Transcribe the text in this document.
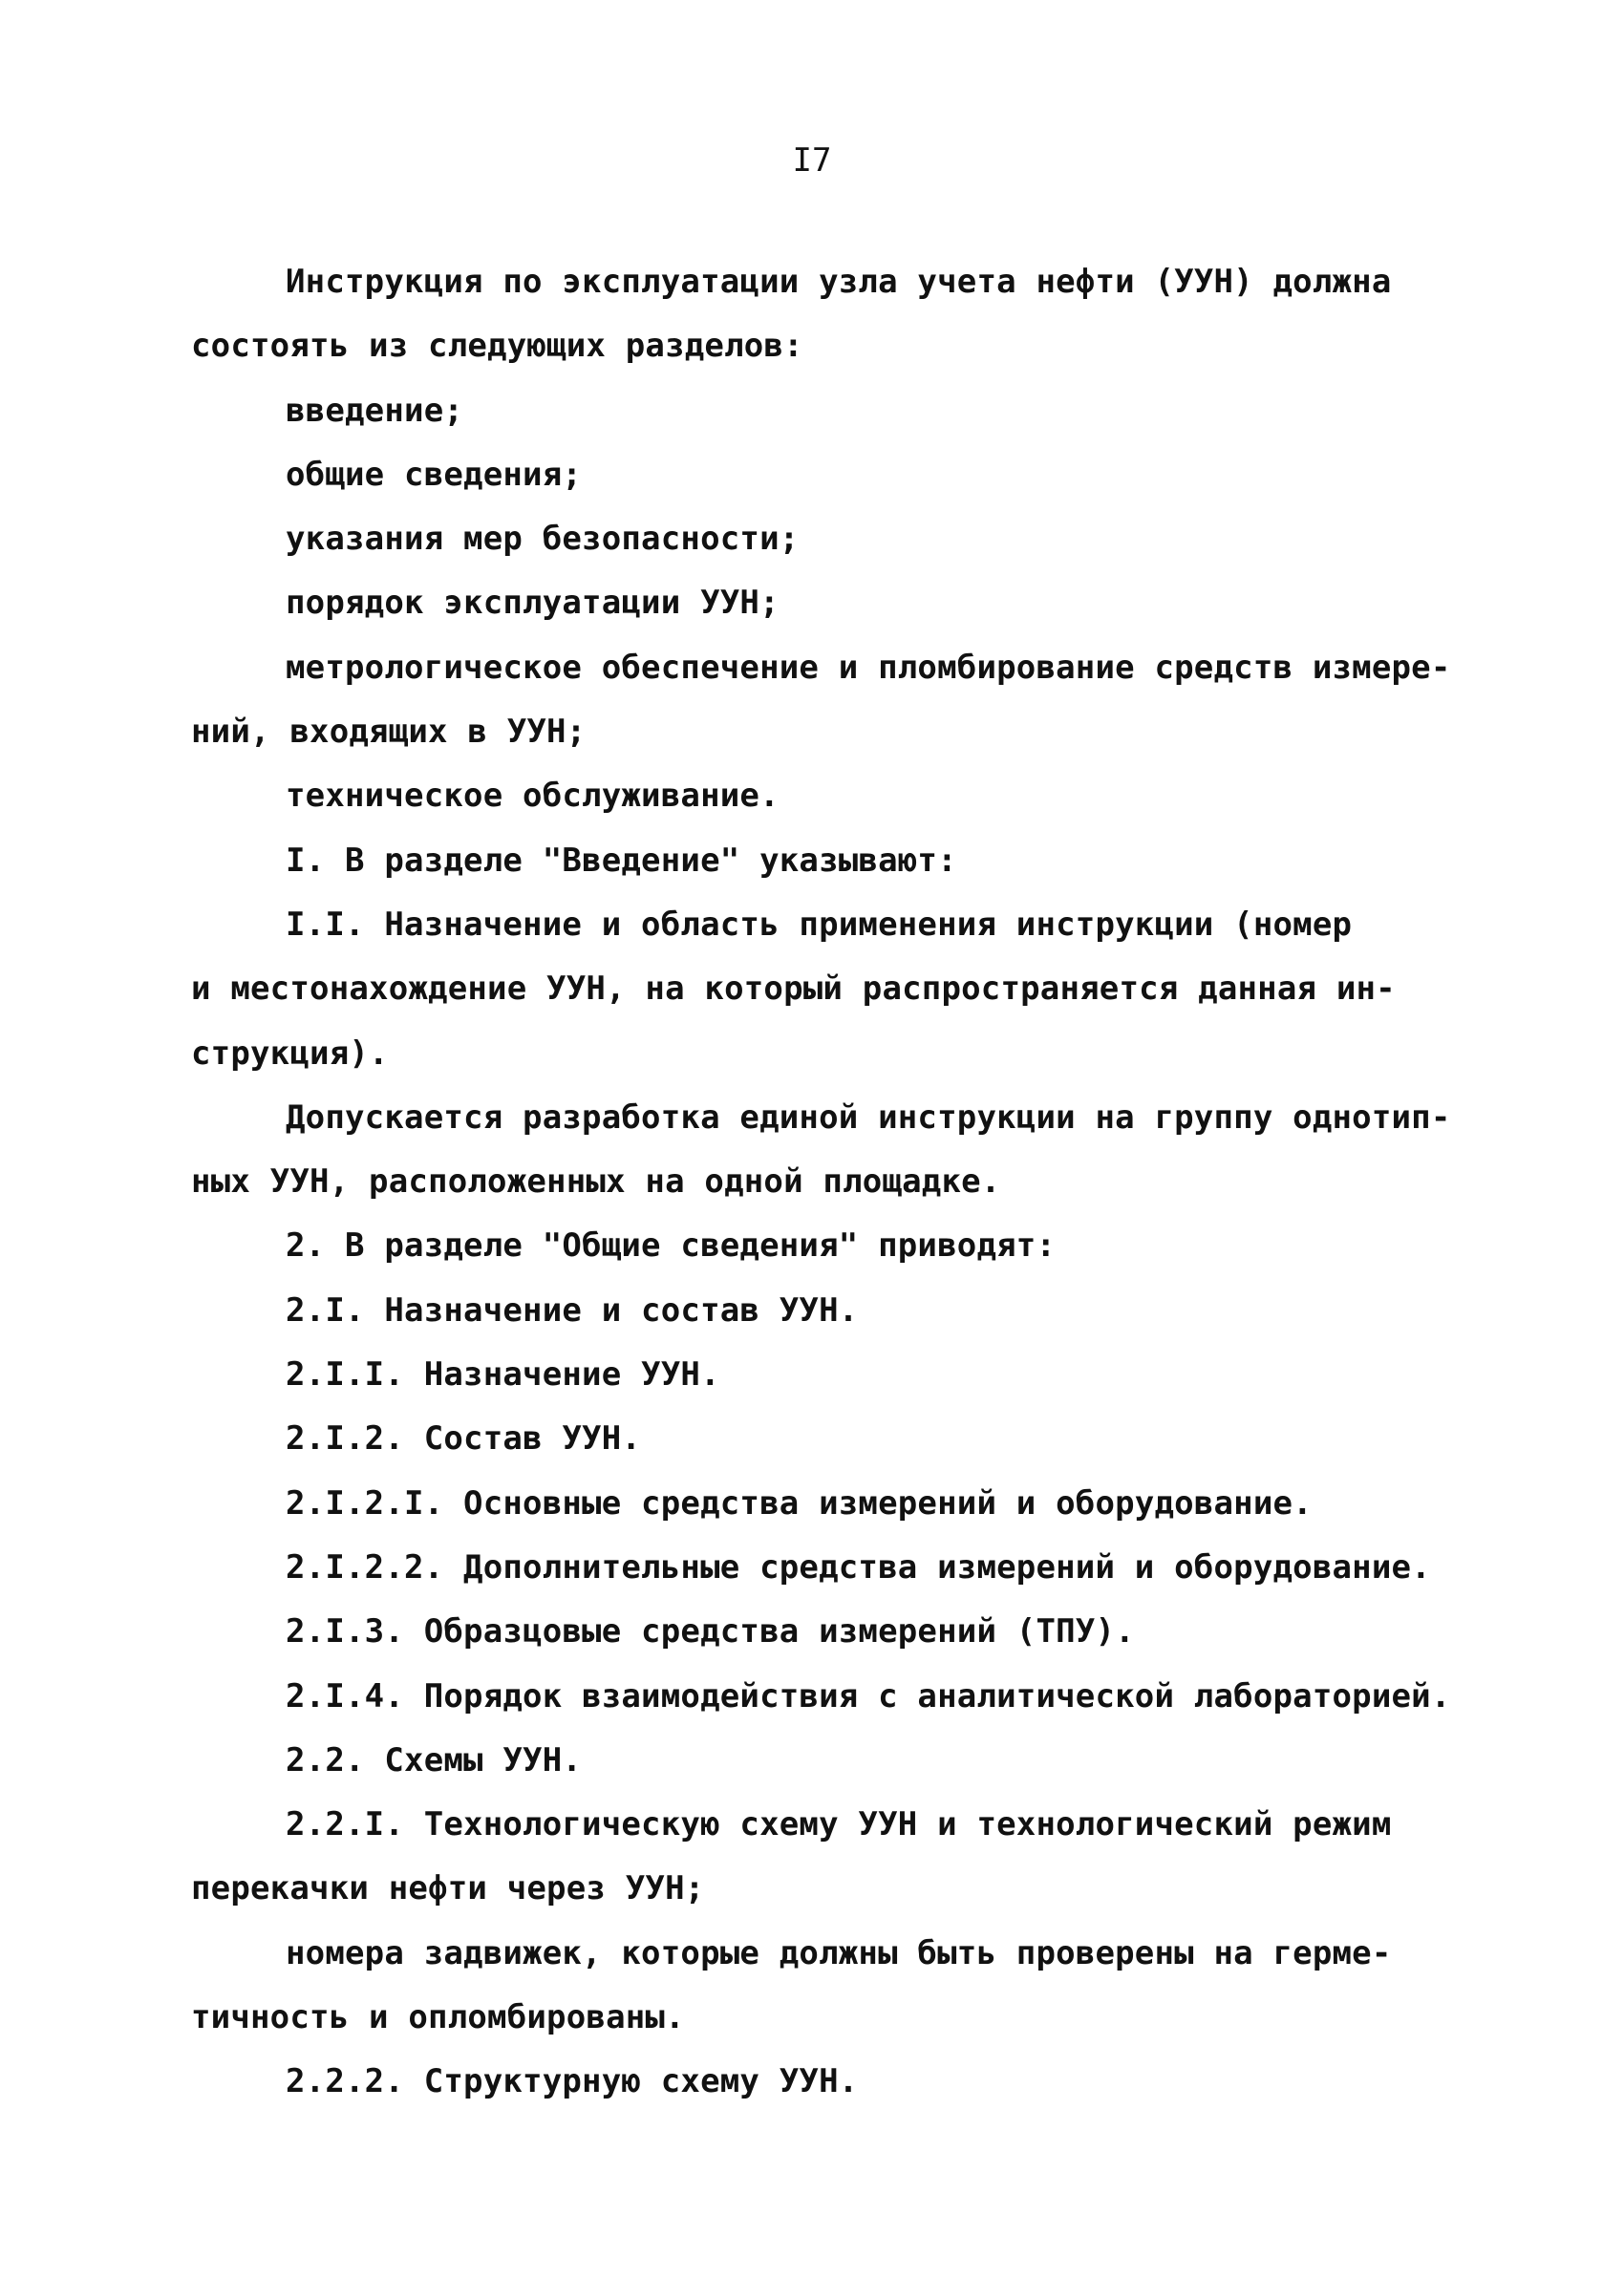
I7
Инструкция по эксплуатации узла учета нефти (УУН) должна
состоять из следующих разделов:
введение;
общие сведения;
указания мер безопасности;
порядок эксплуатации УУН;
метрологическое обеспечение и пломбирование средств измере-
ний, входящих в УУН;
техническое обслуживание.
I. В разделе "Введение" указывают:
I.I. Назначение и область применения инструкции (номер
и местонахождение УУН, на который распространяется данная ин-
струкция).
Допускается разработка единой инструкции на группу однотип-
ных УУН, расположенных на одной площадке.
2. В разделе "Общие сведения" приводят:
2.I. Назначение и состав УУН.
2.I.I. Назначение УУН.
2.I.2. Состав УУН.
2.I.2.I. Основные средства измерений и оборудование.
2.I.2.2. Дополнительные средства измерений и оборудование.
2.I.3. Образцовые средства измерений (ТПУ).
2.I.4. Порядок взаимодействия с аналитической лабораторией.
2.2. Схемы УУН.
2.2.I. Технологическую схему УУН и технологический режим
перекачки нефти через УУН;
номера задвижек, которые должны быть проверены на герме-
тичность и опломбированы.
2.2.2. Структурную схему УУН.
